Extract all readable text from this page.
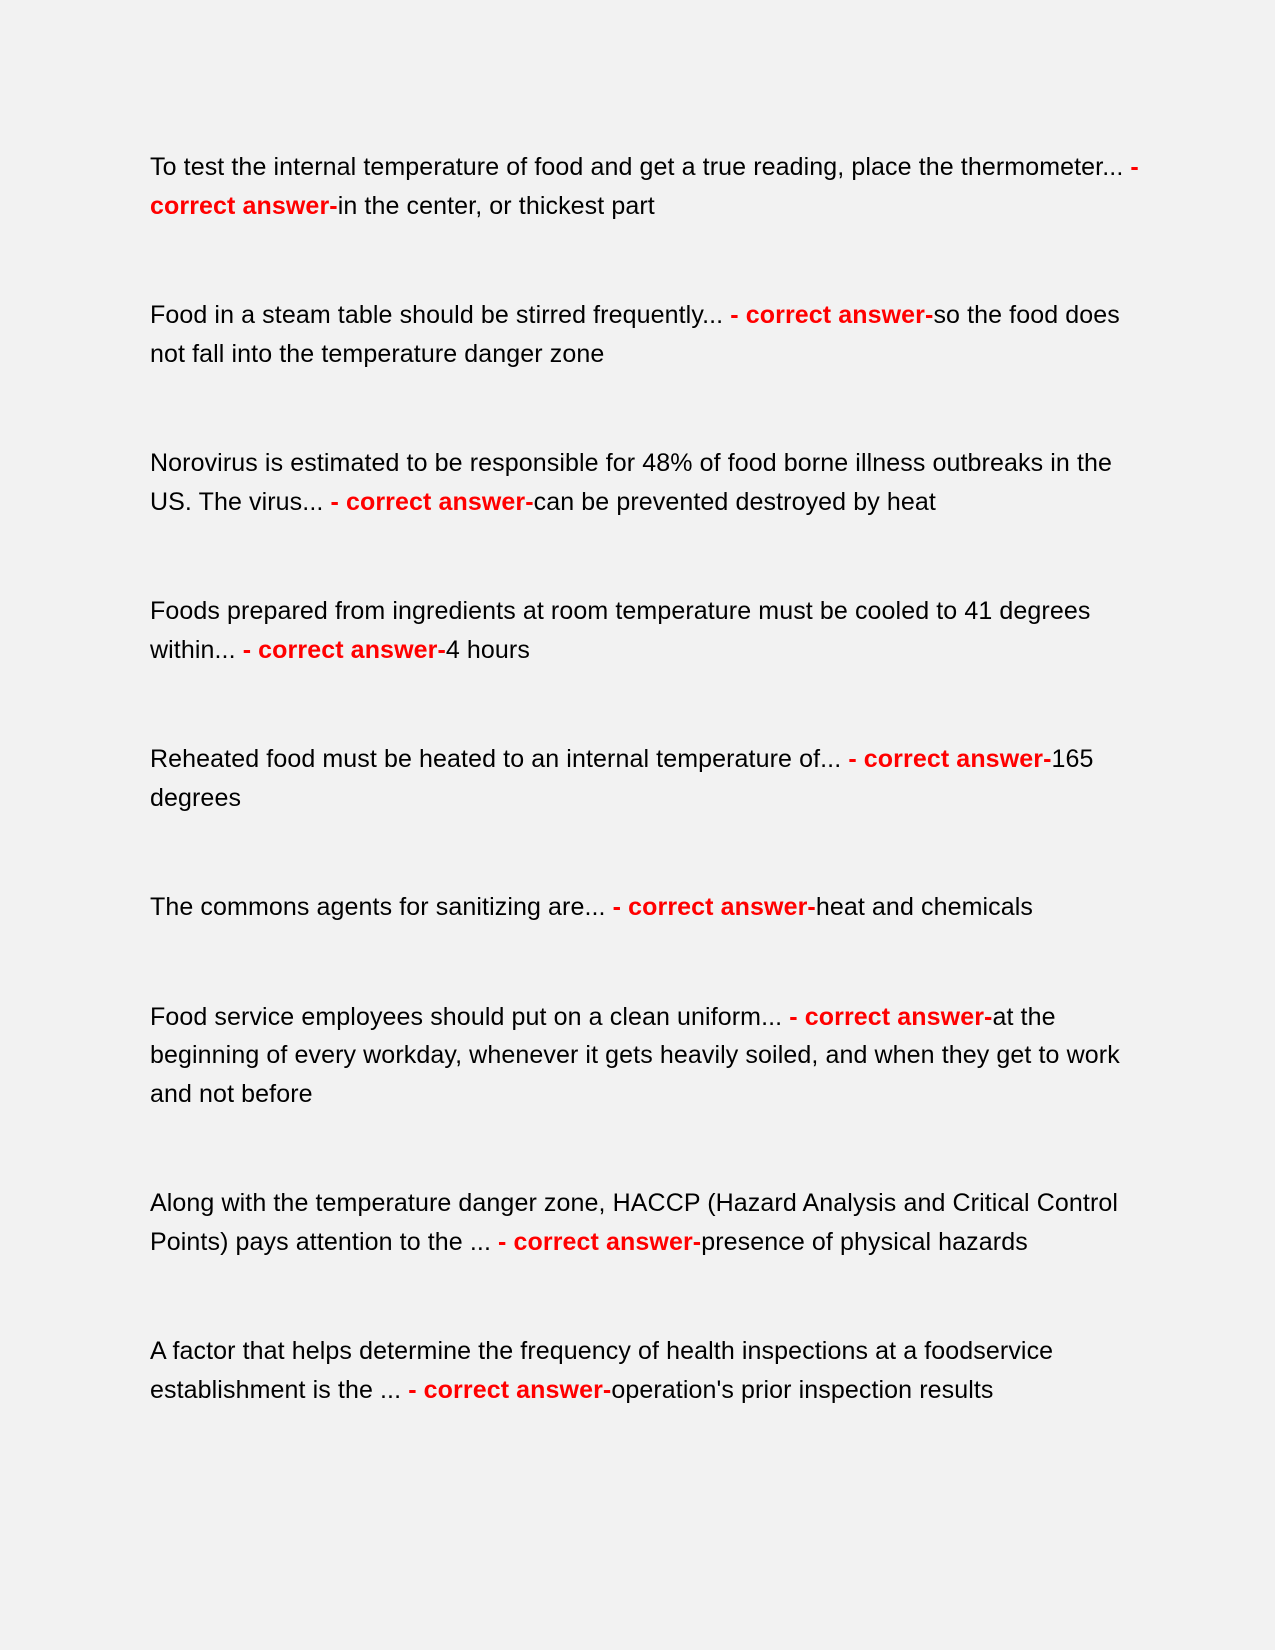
To test the internal temperature of food and get a true reading, place the thermometer... - correct answer-in the center, or thickest part

Food in a steam table should be stirred frequently... - correct answer-so the food does not fall into the temperature danger zone

Norovirus is estimated to be responsible for 48% of food borne illness outbreaks in the US. The virus... - correct answer-can be prevented destroyed by heat

Foods prepared from ingredients at room temperature must be cooled to 41 degrees within... - correct answer-4 hours

Reheated food must be heated to an internal temperature of... - correct answer-165 degrees

The commons agents for sanitizing are... - correct answer-heat and chemicals

Food service employees should put on a clean uniform... - correct answer-at the beginning of every workday, whenever it gets heavily soiled, and when they get to work and not before

Along with the temperature danger zone, HACCP (Hazard Analysis and Critical Control Points) pays attention to the ... - correct answer-presence of physical hazards

A factor that helps determine the frequency of health inspections at a foodservice establishment is the ... - correct answer-operation's prior inspection results
